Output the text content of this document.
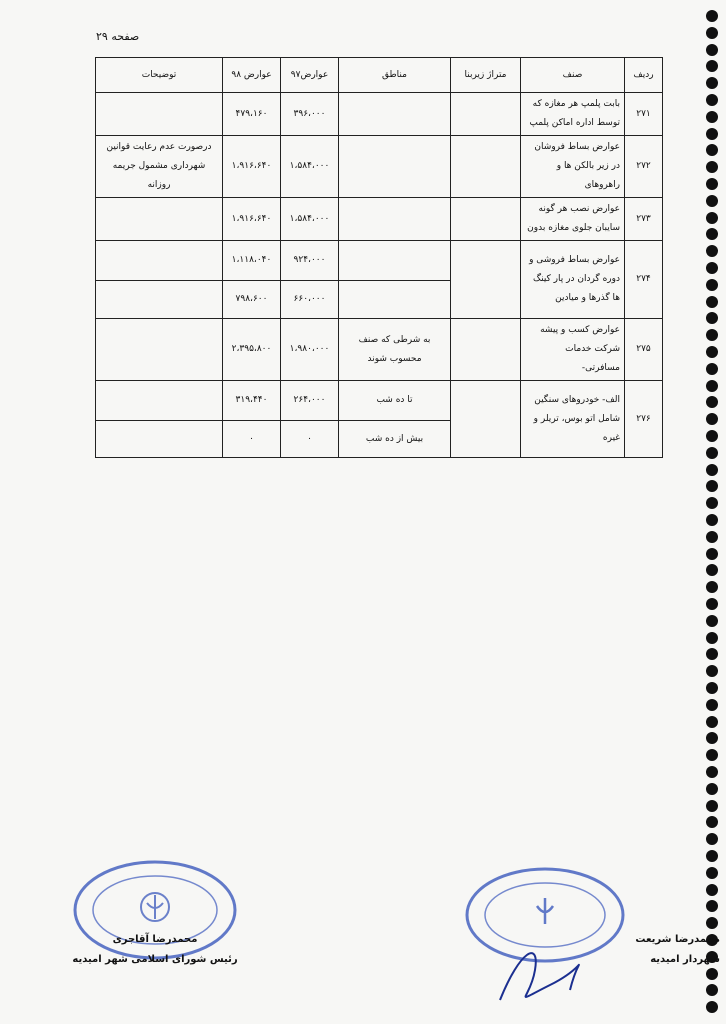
صفحه ۲۹
ردیف	صنف	متراژ زیربنا	مناطق	عوارض۹۷	عوارض ۹۸	توضیحات
۲۷۱	بابت پلمپ هر مغازه که توسط اداره اماکن پلمپ			۳۹۶،۰۰۰	۴۷۹،۱۶۰	
۲۷۲	عوارض بساط فروشان در زیر بالکن ها و راهروهای			۱،۵۸۴،۰۰۰	۱،۹۱۶،۶۴۰	درصورت عدم رعایت قوانین شهرداری مشمول جریمه روزانه
۲۷۳	عوارض نصب هر گونه سایبان جلوی مغازه بدون			۱،۵۸۴،۰۰۰	۱،۹۱۶،۶۴۰	
۲۷۴	عوارض بساط فروشی و دوره گردان در پار کینگ ها گذرها و میادین			۹۲۴،۰۰۰	۱،۱۱۸،۰۴۰	
				۶۶۰،۰۰۰	۷۹۸،۶۰۰	
۲۷۵	عوارض کسب و پیشه شرکت خدمات مسافرتی-		به شرطی که صنف محسوب شوند	۱،۹۸۰،۰۰۰	۲،۳۹۵،۸۰۰	
۲۷۶	الف- خودروهای سنگین شامل اتو بوس، تریلر و غیره		تا ده شب	۲۶۴،۰۰۰	۳۱۹،۴۴۰	
			بیش از ده شب	۰	۰	
محمدرضا آقاجری
رئیس شورای اسلامی شهر امیدیه
محمدرضا شریعت
شهردار امیدیه
